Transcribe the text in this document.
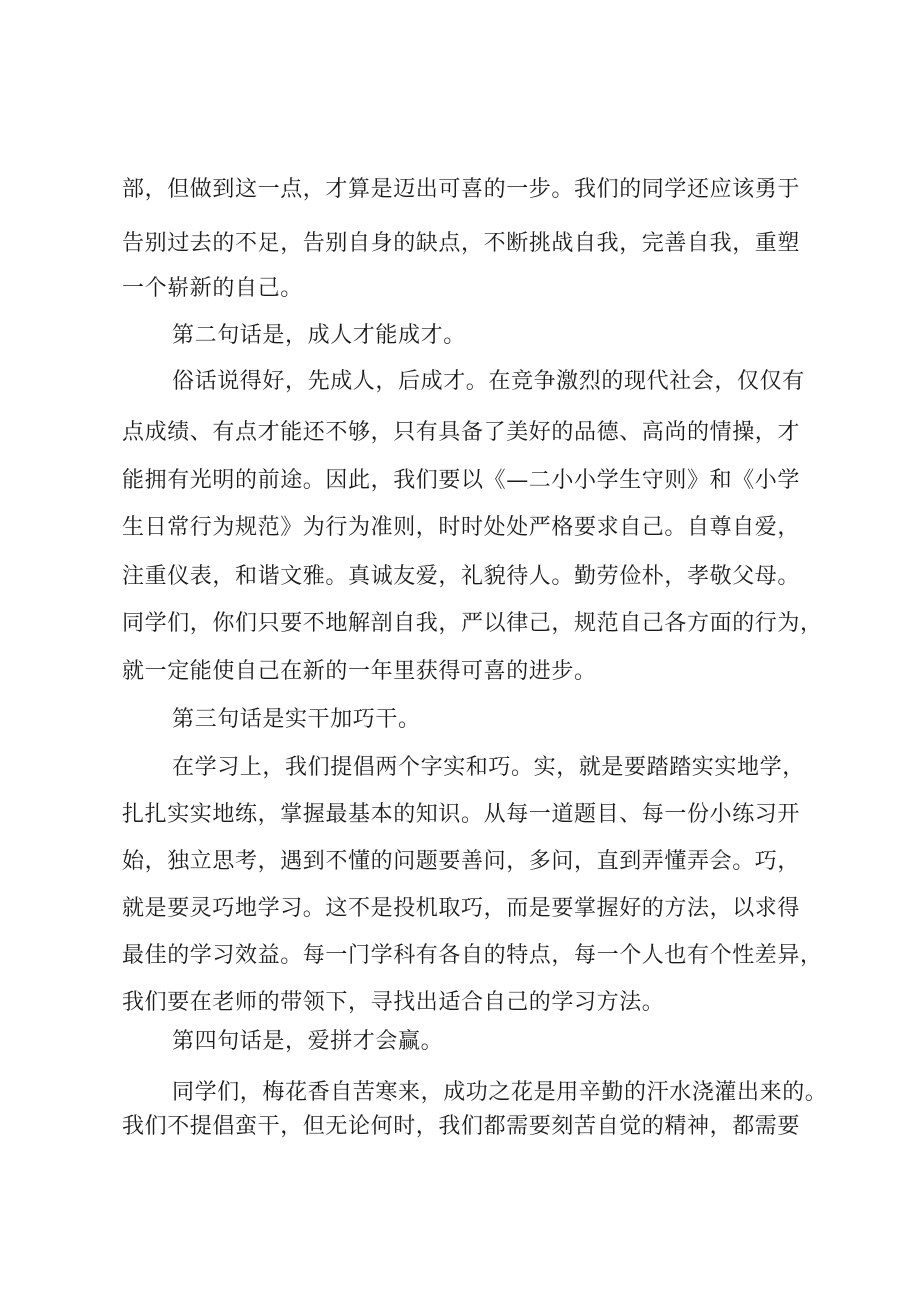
部，但做到这一点，才算是迈出可喜的一步。我们的同学还应该勇于
告别过去的不足，告别自身的缺点，不断挑战自我，完善自我，重塑
一个崭新的自己。
第二句话是，成人才能成才。
俗话说得好，先成人，后成才。在竞争激烈的现代社会，仅仅有
点成绩、有点才能还不够，只有具备了美好的品德、高尚的情操，才
能拥有光明的前途。因此，我们要以《—二小小学生守则》和《小学
生日常行为规范》为行为准则，时时处处严格要求自己。自尊自爱，
注重仪表，和谐文雅。真诚友爱，礼貌待人。勤劳俭朴，孝敬父母。
同学们，你们只要不地解剖自我，严以律己，规范自己各方面的行为，
就一定能使自己在新的一年里获得可喜的进步。
第三句话是实干加巧干。
在学习上，我们提倡两个字实和巧。实，就是要踏踏实实地学，
扎扎实实地练，掌握最基本的知识。从每一道题目、每一份小练习开
始，独立思考，遇到不懂的问题要善问，多问，直到弄懂弄会。巧，
就是要灵巧地学习。这不是投机取巧，而是要掌握好的方法，以求得
最佳的学习效益。每一门学科有各自的特点，每一个人也有个性差异，
我们要在老师的带领下，寻找出适合自己的学习方法。
第四句话是，爱拼才会赢。
同学们，梅花香自苦寒来，成功之花是用辛勤的汗水浇灌出来的。
我们不提倡蛮干，但无论何时，我们都需要刻苦自觉的精神，都需要
